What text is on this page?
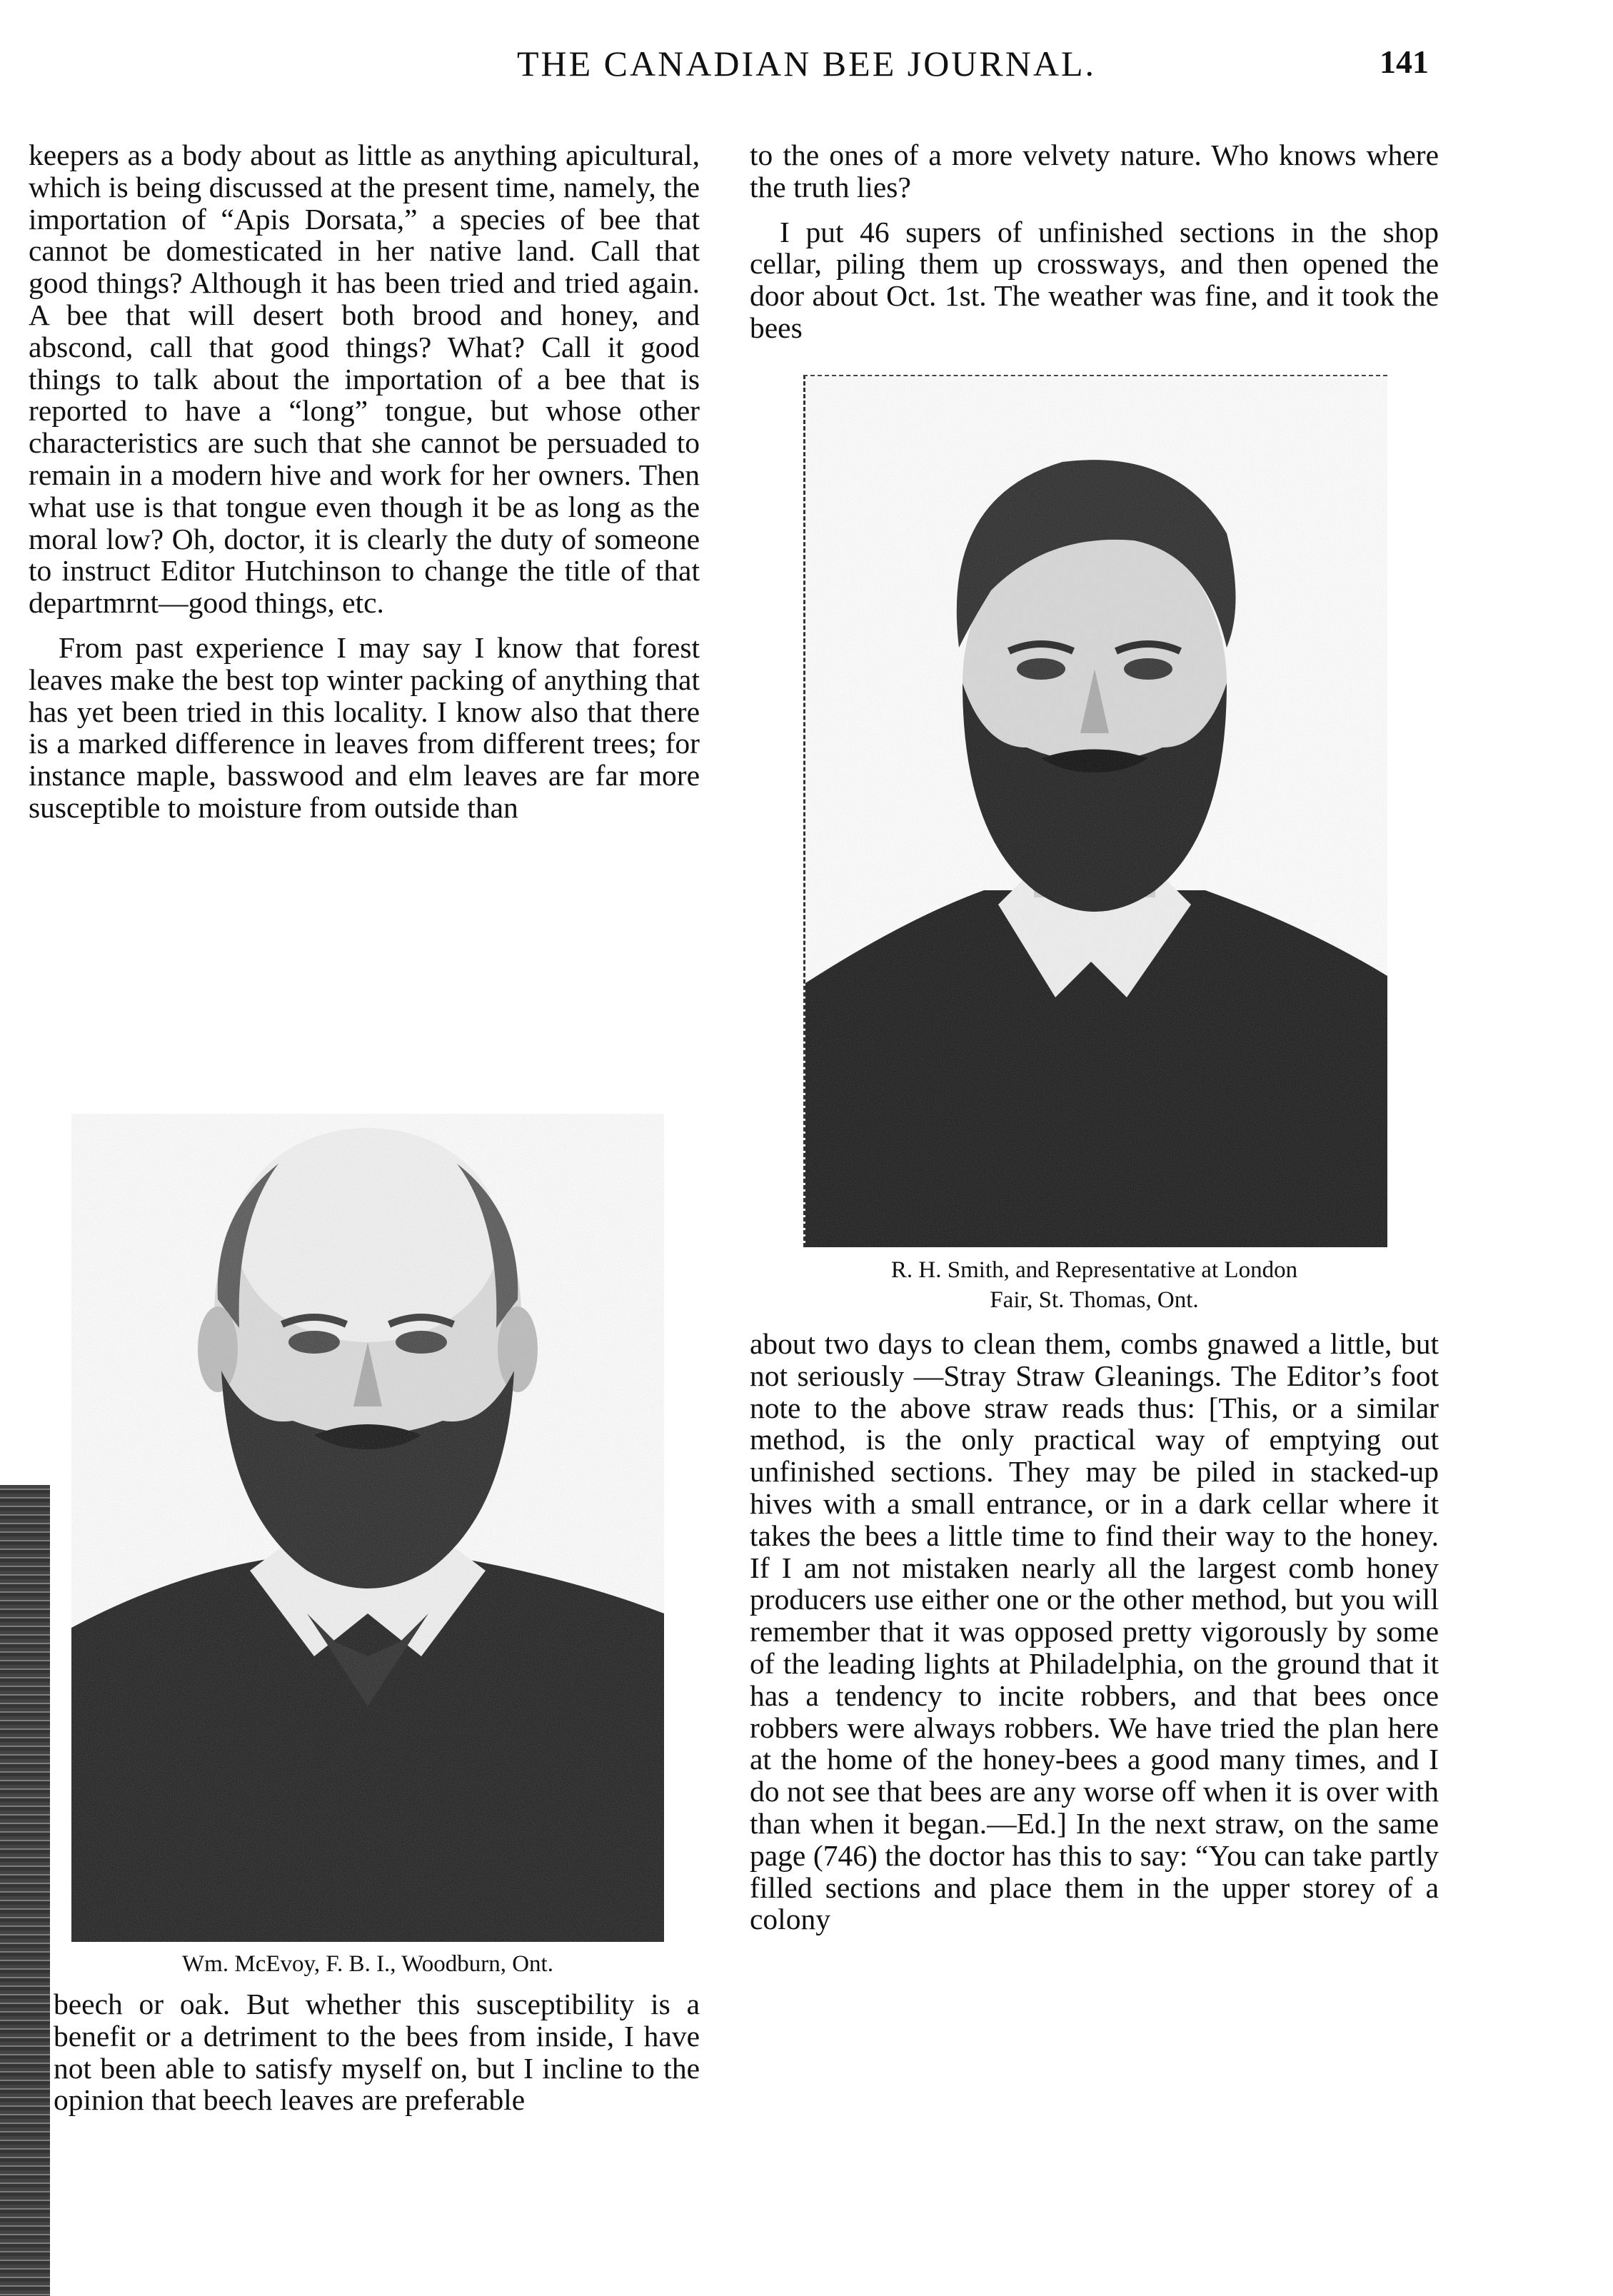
THE CANADIAN BEE JOURNAL.	141

keepers as a body about as little as anything apicultural, which is being discussed at the present time, namely, the importation of “Apis Dorsata,” a species of bee that cannot be domesticated in her native land. Call that good things? Although it has been tried and tried again. A bee that will desert both brood and honey, and abscond, call that good things? What? Call it good things to talk about the importation of a bee that is reported to have a “long” tongue, but whose other characteristics are such that she cannot be persuaded to remain in a modern hive and work for her owners. Then what use is that tongue even though it be as long as the moral low? Oh, doctor, it is clearly the duty of someone to instruct Editor Hutchinson to change the title of that departmrnt—good things, etc.

From past experience I may say I know that forest leaves make the best top winter packing of anything that has yet been tried in this locality. I know also that there is a marked difference in leaves from different trees; for instance maple, basswood and elm leaves are far more susceptible to moisture from outside than

Wm. McEvoy, F. B. I., Woodburn, Ont.

beech or oak. But whether this susceptibility is a benefit or a detriment to the bees from inside, I have not been able to satisfy myself on, but I incline to the opinion that beech leaves are preferable

to the ones of a more velvety nature. Who knows where the truth lies?

I put 46 supers of unfinished sections in the shop cellar, piling them up crossways, and then opened the door about Oct. 1st. The weather was fine, and it took the bees

R. H. Smith, and Representative at London
Fair, St. Thomas, Ont.

about two days to clean them, combs gnawed a little, but not seriously —Stray Straw Gleanings. The Editor’s foot note to the above straw reads thus: [This, or a similar method, is the only practical way of emptying out unfinished sections. They may be piled in stacked-up hives with a small entrance, or in a dark cellar where it takes the bees a little time to find their way to the honey. If I am not mistaken nearly all the largest comb honey producers use either one or the other method, but you will remember that it was opposed pretty vigorously by some of the leading lights at Philadelphia, on the ground that it has a tendency to incite robbers, and that bees once robbers were always robbers. We have tried the plan here at the home of the honey-bees a good many times, and I do not see that bees are any worse off when it is over with than when it began.—Ed.] In the next straw, on the same page (746) the doctor has this to say: “You can take partly filled sections and place them in the upper storey of a colony
